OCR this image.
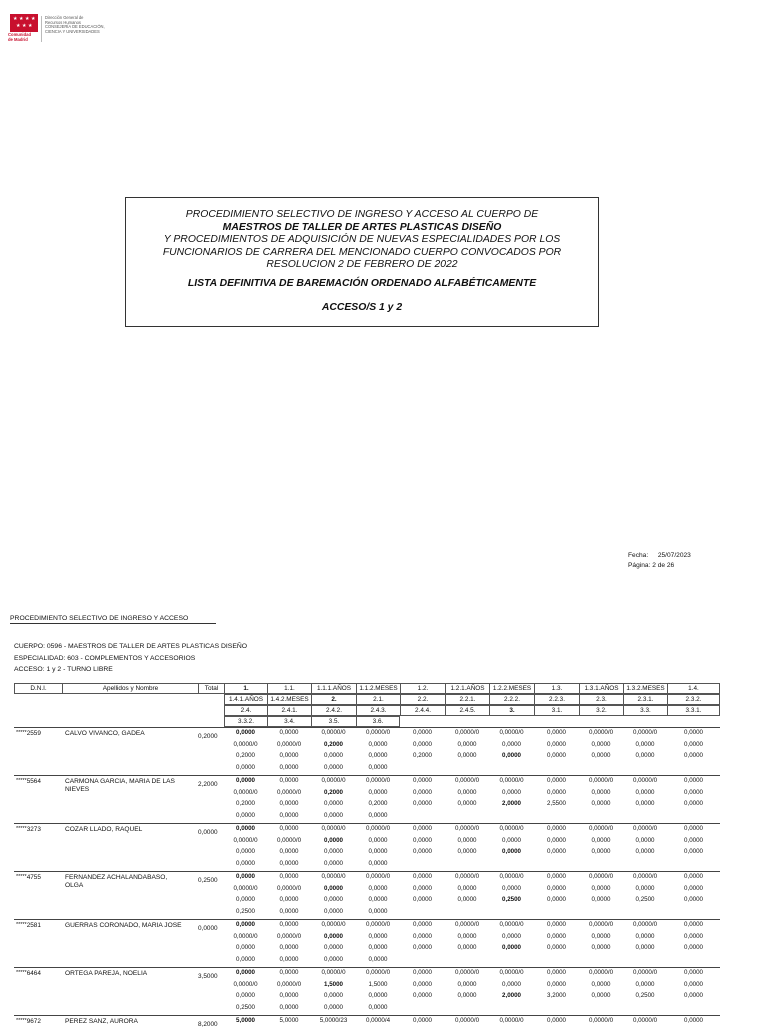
★ ★ ★ ★
★ ★ ★
Comunidad
de Madrid
Dirección General de
Recursos Humanos
CONSEJERÍA DE EDUCACIÓN,
CIENCIA Y UNIVERSIDADES
PROCEDIMIENTO SELECTIVO DE INGRESO Y ACCESO AL CUERPO DE
MAESTROS DE TALLER DE ARTES PLASTICAS DISEÑO
Y PROCEDIMIENTOS DE ADQUISICIÓN DE NUEVAS ESPECIALIDADES POR LOS
FUNCIONARIOS DE CARRERA DEL MENCIONADO CUERPO CONVOCADOS POR
RESOLUCION 2 DE FEBRERO DE 2022
LISTA DEFINITIVA DE BAREMACIÓN ORDENADO ALFABÉTICAMENTE
ACCESO/S 1 y 2
Fecha: 25/07/2023
Página: 2 de 26
PROCEDIMIENTO SELECTIVO DE INGRESO Y ACCESO
CUERPO: 0596 - MAESTROS DE TALLER DE ARTES PLASTICAS DISEÑO
ESPECIALIDAD: 603 - COMPLEMENTOS Y ACCESORIOS
ACCESO: 1 y 2 - TURNO LIBRE
D.N.I.	Apellidos y Nombre	Total	1.	1.1.	1.1.1.AÑOS	1.1.2.MESES	1.2.	1.2.1.AÑOS	1.2.2.MESES	1.3.	1.3.1.AÑOS	1.3.2.MESES	1.4.
1.4.1.AÑOS	1.4.2.MESES	2.	2.1.	2.2.	2.2.1.	2.2.2.	2.2.3.	2.3.	2.3.1.	2.3.2.
2.4.	2.4.1.	2.4.2.	2.4.3.	2.4.4.	2.4.5.	3.	3.1.	3.2.	3.3.	3.3.1.
3.3.2.	3.4.	3.5.	3.6.
*****2559	CALVO VIVANCO, GADEA	0,2000
0,0000	0,0000	0,0000/0	0,0000/0	0,0000	0,0000/0	0,0000/0	0,0000	0,0000/0	0,0000/0	0,0000
0,0000/0	0,0000/0	0,2000	0,0000	0,0000	0,0000	0,0000	0,0000	0,0000	0,0000	0,0000
0,2000	0,0000	0,0000	0,0000	0,2000	0,0000	0,0000	0,0000	0,0000	0,0000	0,0000
0,0000	0,0000	0,0000	0,0000
*****5564	CARMONA GARCIA, MARIA DE LAS NIEVES
2,2000
0,0000	0,0000	0,0000/0	0,0000/0	0,0000	0,0000/0	0,0000/0	0,0000	0,0000/0	0,0000/0	0,0000
0,0000/0	0,0000/0	0,2000	0,0000	0,0000	0,0000	0,0000	0,0000	0,0000	0,0000	0,0000
0,2000	0,0000	0,0000	0,2000	0,0000	0,0000	2,0000	2,5500	0,0000	0,0000	0,0000
0,0000	0,0000	0,0000	0,0000
*****3273	COZAR LLADO, RAQUEL	0,0000
0,0000	0,0000	0,0000/0	0,0000/0	0,0000	0,0000/0	0,0000/0	0,0000	0,0000/0	0,0000/0	0,0000
0,0000/0	0,0000/0	0,0000	0,0000	0,0000	0,0000	0,0000	0,0000	0,0000	0,0000	0,0000
0,0000	0,0000	0,0000	0,0000	0,0000	0,0000	0,0000	0,0000	0,0000	0,0000	0,0000
0,0000	0,0000	0,0000	0,0000
*****4755	FERNANDEZ ACHALANDABASO, OLGA
0,2500
0,0000	0,0000	0,0000/0	0,0000/0	0,0000	0,0000/0	0,0000/0	0,0000	0,0000/0	0,0000/0	0,0000
0,0000/0	0,0000/0	0,0000	0,0000	0,0000	0,0000	0,0000	0,0000	0,0000	0,0000	0,0000
0,0000	0,0000	0,0000	0,0000	0,0000	0,0000	0,2500	0,0000	0,0000	0,2500	0,0000
0,2500	0,0000	0,0000	0,0000
*****2581	GUERRAS CORONADO, MARIA JOSE	0,0000
0,0000	0,0000	0,0000/0	0,0000/0	0,0000	0,0000/0	0,0000/0	0,0000	0,0000/0	0,0000/0	0,0000
0,0000/0	0,0000/0	0,0000	0,0000	0,0000	0,0000	0,0000	0,0000	0,0000	0,0000	0,0000
0,0000	0,0000	0,0000	0,0000	0,0000	0,0000	0,0000	0,0000	0,0000	0,0000	0,0000
0,0000	0,0000	0,0000	0,0000
*****6464	ORTEGA PAREJA, NOELIA	3,5000
0,0000	0,0000	0,0000/0	0,0000/0	0,0000	0,0000/0	0,0000/0	0,0000	0,0000/0	0,0000/0	0,0000
0,0000/0	0,0000/0	1,5000	1,5000	0,0000	0,0000	0,0000	0,0000	0,0000	0,0000	0,0000
0,0000	0,0000	0,0000	0,0000	0,0000	0,0000	2,0000	3,2000	0,0000	0,2500	0,0000
0,2500	0,0000	0,0000	0,0000
*****9672	PEREZ SANZ, AURORA	8,2000
5,0000	5,0000	5,0000/23	0,0000/4	0,0000	0,0000/0	0,0000/0	0,0000	0,0000/0	0,0000/0	0,0000
